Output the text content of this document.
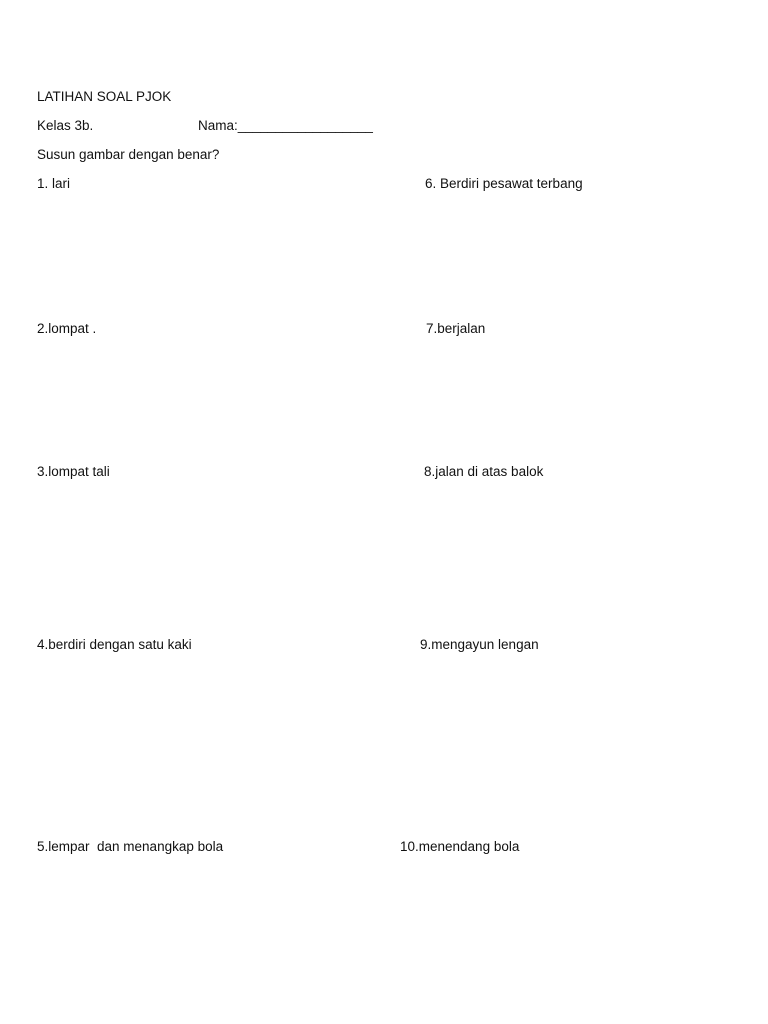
LATIHAN SOAL PJOK
Kelas 3b.	Nama:__________________
Susun gambar dengan benar?
1. lari
2.lompat .
3.lompat tali
4.berdiri dengan satu kaki
5.lempar  dan menangkap bola
6. Berdiri pesawat terbang
7.berjalan
8.jalan di atas balok
9.mengayun lengan
10.menendang bola
